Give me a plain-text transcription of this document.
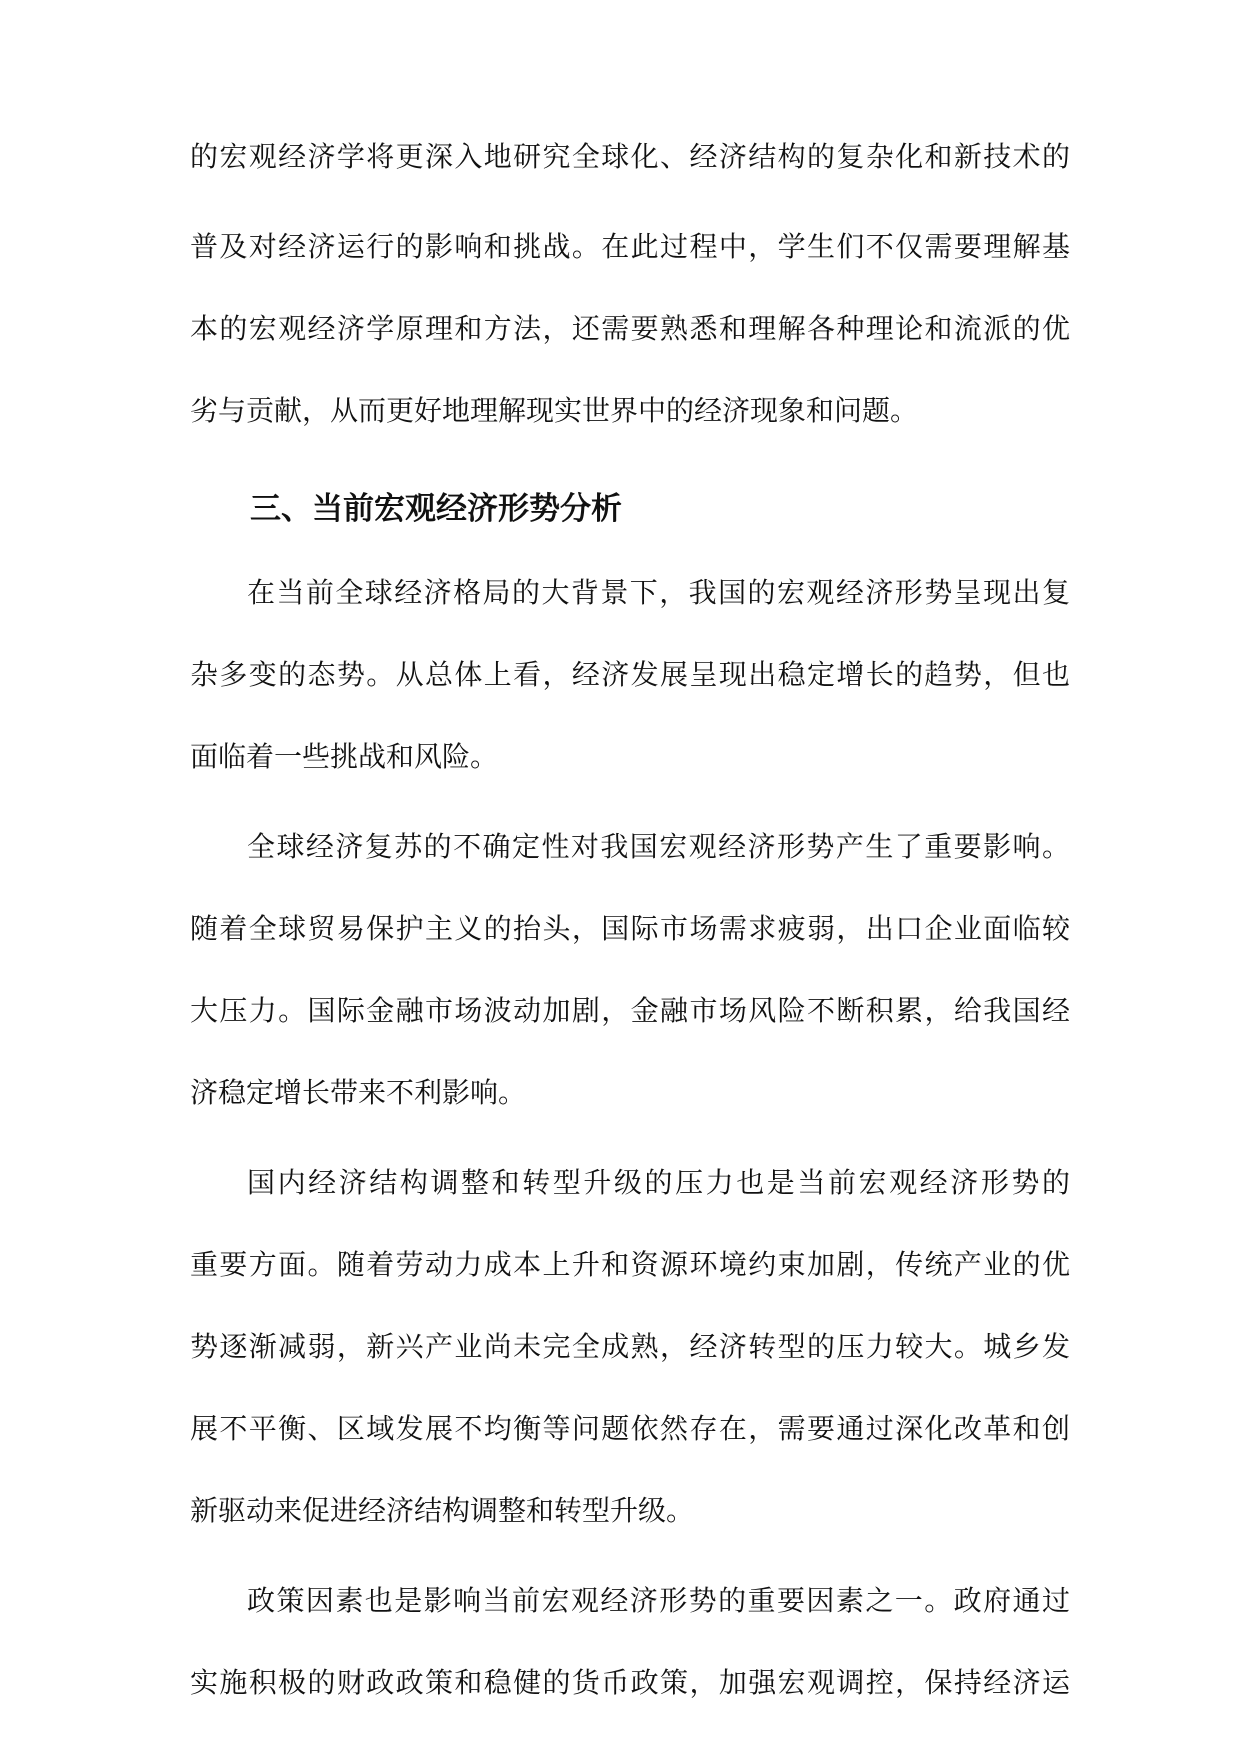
的宏观经济学将更深入地研究全球化、经济结构的复杂化和新技术的
普及对经济运行的影响和挑战。在此过程中，学生们不仅需要理解基
本的宏观经济学原理和方法，还需要熟悉和理解各种理论和流派的优
劣与贡献，从而更好地理解现实世界中的经济现象和问题。
三、当前宏观经济形势分析
在当前全球经济格局的大背景下，我国的宏观经济形势呈现出复
杂多变的态势。从总体上看，经济发展呈现出稳定增长的趋势，但也
面临着一些挑战和风险。
全球经济复苏的不确定性对我国宏观经济形势产生了重要影响。
随着全球贸易保护主义的抬头，国际市场需求疲弱，出口企业面临较
大压力。国际金融市场波动加剧，金融市场风险不断积累，给我国经
济稳定增长带来不利影响。
国内经济结构调整和转型升级的压力也是当前宏观经济形势的
重要方面。随着劳动力成本上升和资源环境约束加剧，传统产业的优
势逐渐减弱，新兴产业尚未完全成熟，经济转型的压力较大。城乡发
展不平衡、区域发展不均衡等问题依然存在，需要通过深化改革和创
新驱动来促进经济结构调整和转型升级。
政策因素也是影响当前宏观经济形势的重要因素之一。政府通过
实施积极的财政政策和稳健的货币政策，加强宏观调控，保持经济运
